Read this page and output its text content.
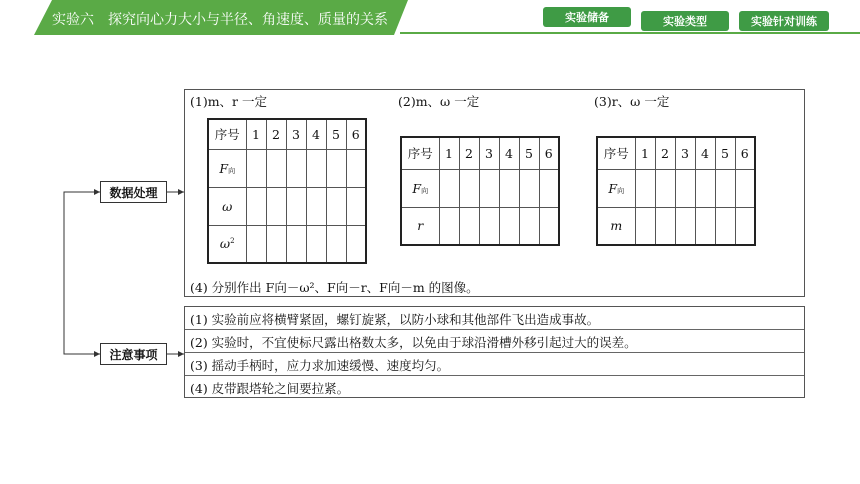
实验六　探究向心力大小与半径、角速度、质量的关系	实验储备	实验类型	实验针对训练
数据处理
注意事项
(1)m、r 一定	(2)m、ω 一定	(3)r、ω 一定
序号	1	2	3	4	5	6
F向						
ω						
$\omega^2$						
序号	1	2	3	4	5	6
F向						
r						
序号	1	2	3	4	5	6
F向						
m						
(4) 分别作出 F向－ω²、F向－r、F向－m 的图像。
(1) 实验前应将横臂紧固，螺钉旋紧，以防小球和其他部件飞出造成事故。
(2) 实验时，不宜使标尺露出格数太多，以免由于球沿滑槽外移引起过大的误差。
(3) 摇动手柄时，应力求加速缓慢、速度均匀。
(4) 皮带跟塔轮之间要拉紧。
